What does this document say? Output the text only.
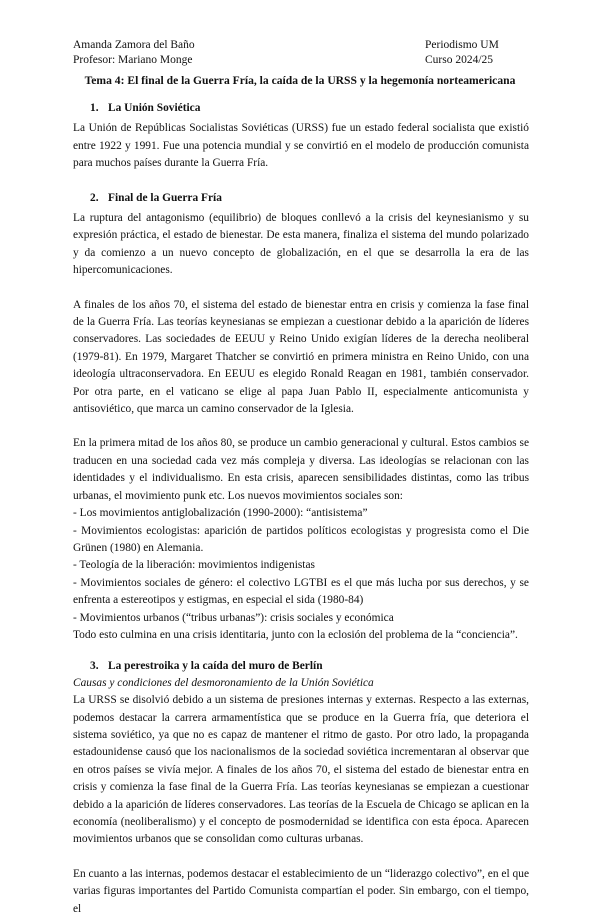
Amanda Zamora del Baño
Profesor: Mariano Monge
Periodismo UM
Curso 2024/25
Tema 4: El final de la Guerra Fría, la caída de la URSS y la hegemonía norteamericana
1. La Unión Soviética

La Unión de Repúblicas Socialistas Soviéticas (URSS) fue un estado federal socialista que existió entre 1922 y 1991. Fue una potencia mundial y se convirtió en el modelo de producción comunista para muchos países durante la Guerra Fría.

2. Final de la Guerra Fría

La ruptura del antagonismo (equilibrio) de bloques conllevó a la crisis del keynesianismo y su expresión práctica, el estado de bienestar. De esta manera, finaliza el sistema del mundo polarizado y da comienzo a un nuevo concepto de globalización, en el que se desarrolla la era de las hipercomunicaciones.

A finales de los años 70, el sistema del estado de bienestar entra en crisis y comienza la fase final de la Guerra Fría. Las teorías keynesianas se empiezan a cuestionar debido a la aparición de líderes conservadores. Las sociedades de EEUU y Reino Unido exigían líderes de la derecha neoliberal (1979-81). En 1979, Margaret Thatcher se convirtió en primera ministra en Reino Unido, con una ideología ultraconservadora. En EEUU es elegido Ronald Reagan en 1981, también conservador. Por otra parte, en el vaticano se elige al papa Juan Pablo II, especialmente anticomunista y antisoviético, que marca un camino conservador de la Iglesia.

En la primera mitad de los años 80, se produce un cambio generacional y cultural. Estos cambios se traducen en una sociedad cada vez más compleja y diversa. Las ideologías se relacionan con las identidades y el individualismo. En esta crisis, aparecen sensibilidades distintas, como las tribus urbanas, el movimiento punk etc. Los nuevos movimientos sociales son:

- Los movimientos antiglobalización (1990-2000): “antisistema”

- Movimientos ecologistas: aparición de partidos políticos ecologistas y progresista como el Die Grünen (1980) en Alemania.

- Teología de la liberación: movimientos indigenistas

- Movimientos sociales de género: el colectivo LGTBI es el que más lucha por sus derechos, y se enfrenta a estereotipos y estigmas, en especial el sida (1980-84)

- Movimientos urbanos (“tribus urbanas”): crisis sociales y económica

Todo esto culmina en una crisis identitaria, junto con la eclosión del problema de la “conciencia”.

3. La perestroika y la caída del muro de Berlín

Causas y condiciones del desmoronamiento de la Unión Soviética

La URSS se disolvió debido a un sistema de presiones internas y externas. Respecto a las externas, podemos destacar la carrera armamentística que se produce en la Guerra fría, que deteriora el sistema soviético, ya que no es capaz de mantener el ritmo de gasto. Por otro lado, la propaganda estadounidense causó que los nacionalismos de la sociedad soviética incrementaran al observar que en otros países se vivía mejor. A finales de los años 70, el sistema del estado de bienestar entra en crisis y comienza la fase final de la Guerra Fría. Las teorías keynesianas se empiezan a cuestionar debido a la aparición de líderes conservadores. Las teorías de la Escuela de Chicago se aplican en la economía (neoliberalismo) y el concepto de posmodernidad se identifica con esta época. Aparecen movimientos urbanos que se consolidan como culturas urbanas.

En cuanto a las internas, podemos destacar el establecimiento de un “liderazgo colectivo”, en el que varias figuras importantes del Partido Comunista compartían el poder. Sin embargo, con el tiempo, el
